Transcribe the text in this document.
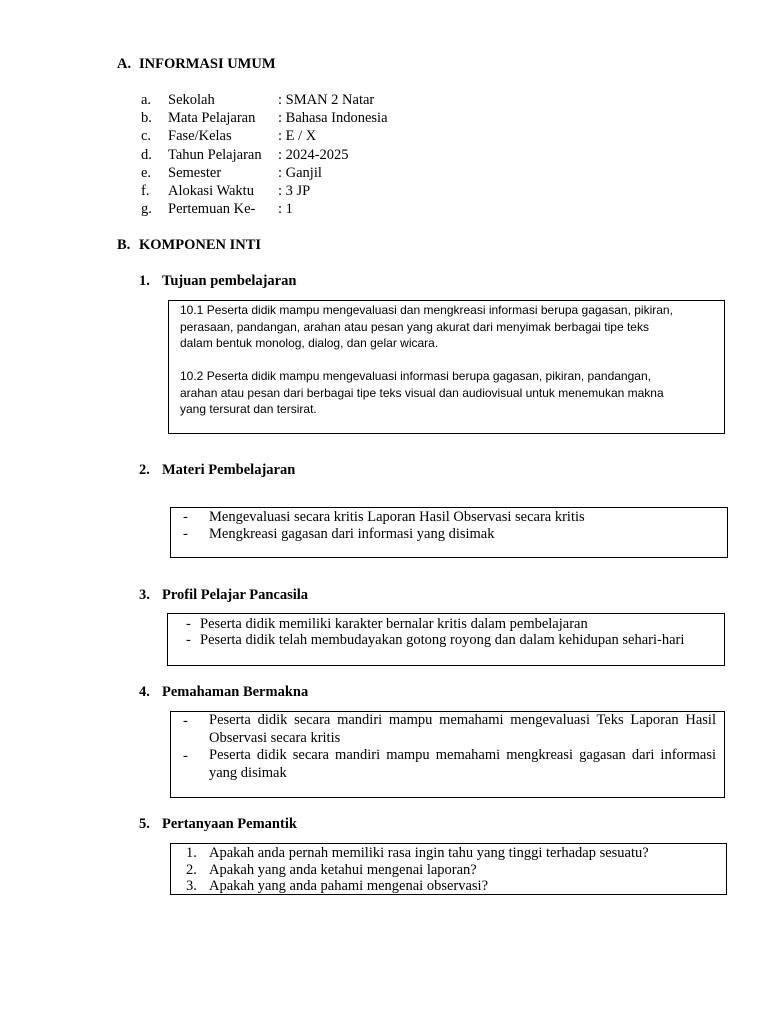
A. INFORMASI UMUM
a. Sekolah	: SMAN 2 Natar
b. Mata Pelajaran : Bahasa Indonesia
c. Fase/Kelas	: E / X
d. Tahun Pelajaran : 2024-2025
e. Semester	: Ganjil
f. Alokasi Waktu : 3 JP
g. Pertemuan Ke- : 1
B. KOMPONEN INTI
1. Tujuan pembelajaran
10.1 Peserta didik mampu mengevaluasi dan mengkreasi informasi berupa gagasan, pikiran,
perasaan, pandangan, arahan atau pesan yang akurat dari menyimak berbagai tipe teks
dalam bentuk monolog, dialog, dan gelar wicara.
10.2 Peserta didik mampu mengevaluasi informasi berupa gagasan, pikiran, pandangan,
arahan atau pesan dari berbagai tipe teks visual dan audiovisual untuk menemukan makna
yang tersurat dan tersirat.
2. Materi Pembelajaran
- Mengevaluasi secara kritis Laporan Hasil Observasi secara kritis
- Mengkreasi gagasan dari informasi yang disimak
3. Profil Pelajar Pancasila
- Peserta didik memiliki karakter bernalar kritis dalam pembelajaran
- Peserta didik telah membudayakan gotong royong dan dalam kehidupan sehari-hari
4. Pemahaman Bermakna
- Peserta didik secara mandiri mampu memahami mengevaluasi Teks Laporan Hasil Observasi secara kritis
- Peserta didik secara mandiri mampu memahami mengkreasi gagasan dari informasi yang disimak
5. Pertanyaan Pemantik
1. Apakah anda pernah memiliki rasa ingin tahu yang tinggi terhadap sesuatu?
2. Apakah yang anda ketahui mengenai laporan?
3. Apakah yang anda pahami mengenai observasi?
